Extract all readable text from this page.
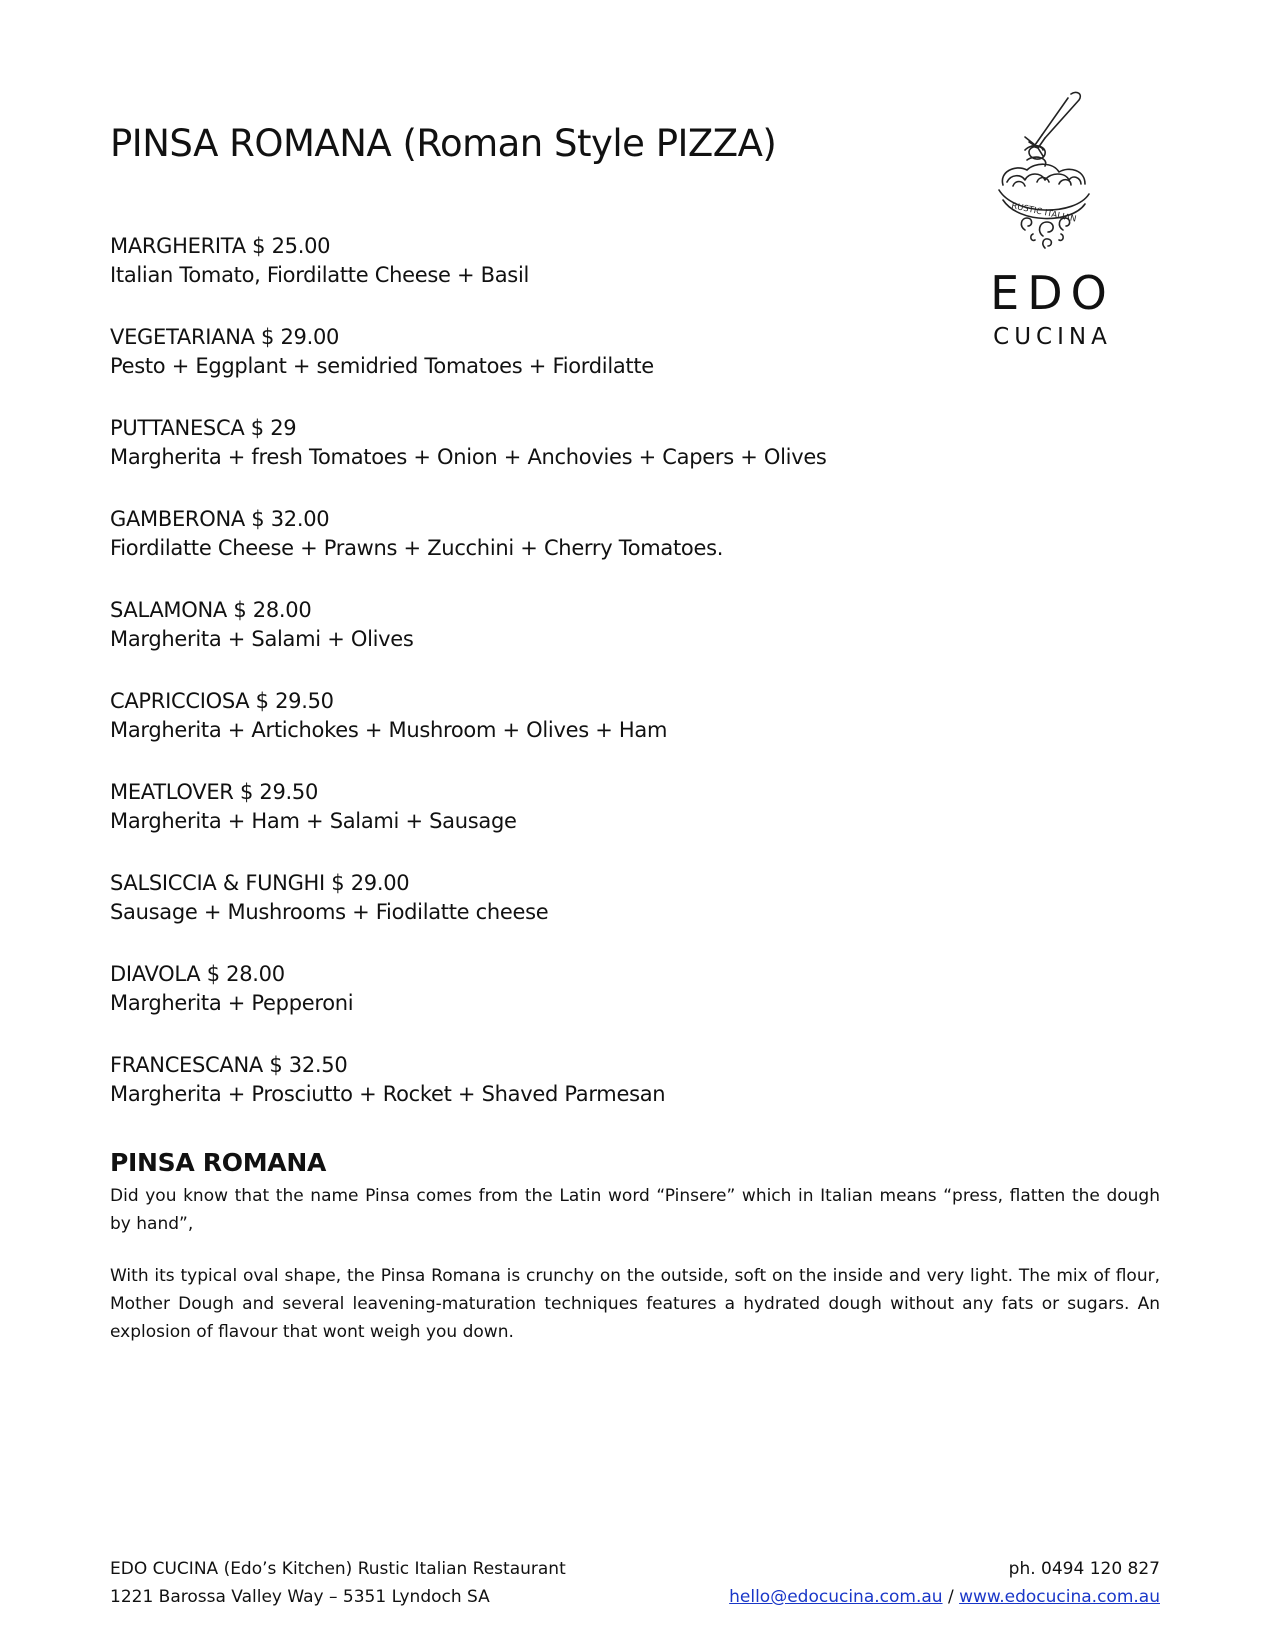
PINSA ROMANA (Roman Style PIZZA)
RUSTIC ITALIAN
EDO
CUCINA
MARGHERITA $ 25.00
Italian Tomato, Fiordilatte Cheese + Basil
VEGETARIANA $ 29.00
Pesto + Eggplant + semidried Tomatoes + Fiordilatte
PUTTANESCA $ 29
Margherita + fresh Tomatoes + Onion + Anchovies + Capers + Olives
GAMBERONA $ 32.00
Fiordilatte Cheese + Prawns + Zucchini + Cherry Tomatoes.
SALAMONA $ 28.00
Margherita + Salami + Olives
CAPRICCIOSA $ 29.50
Margherita + Artichokes + Mushroom + Olives + Ham
MEATLOVER $ 29.50
Margherita + Ham + Salami + Sausage
SALSICCIA & FUNGHI $ 29.00
Sausage + Mushrooms + Fiodilatte cheese
DIAVOLA $ 28.00
Margherita + Pepperoni
FRANCESCANA $ 32.50
Margherita + Prosciutto + Rocket + Shaved Parmesan
PINSA ROMANA

Did you know that the name Pinsa comes from the Latin word “Pinsere” which in Italian means “press, flatten the dough by hand”,

With its typical oval shape, the Pinsa Romana is crunchy on the outside, soft on the inside and very light. The mix of flour, Mother Dough and several leavening-maturation techniques features a hydrated dough without any fats or sugars. An explosion of flavour that wont weigh you down.

EDO CUCINA (Edo’s Kitchen) Rustic Italian Restaurant
1221 Barossa Valley Way – 5351 Lyndoch SA
ph. 0494 120 827
hello@edocucina.com.au / www.edocucina.com.au
